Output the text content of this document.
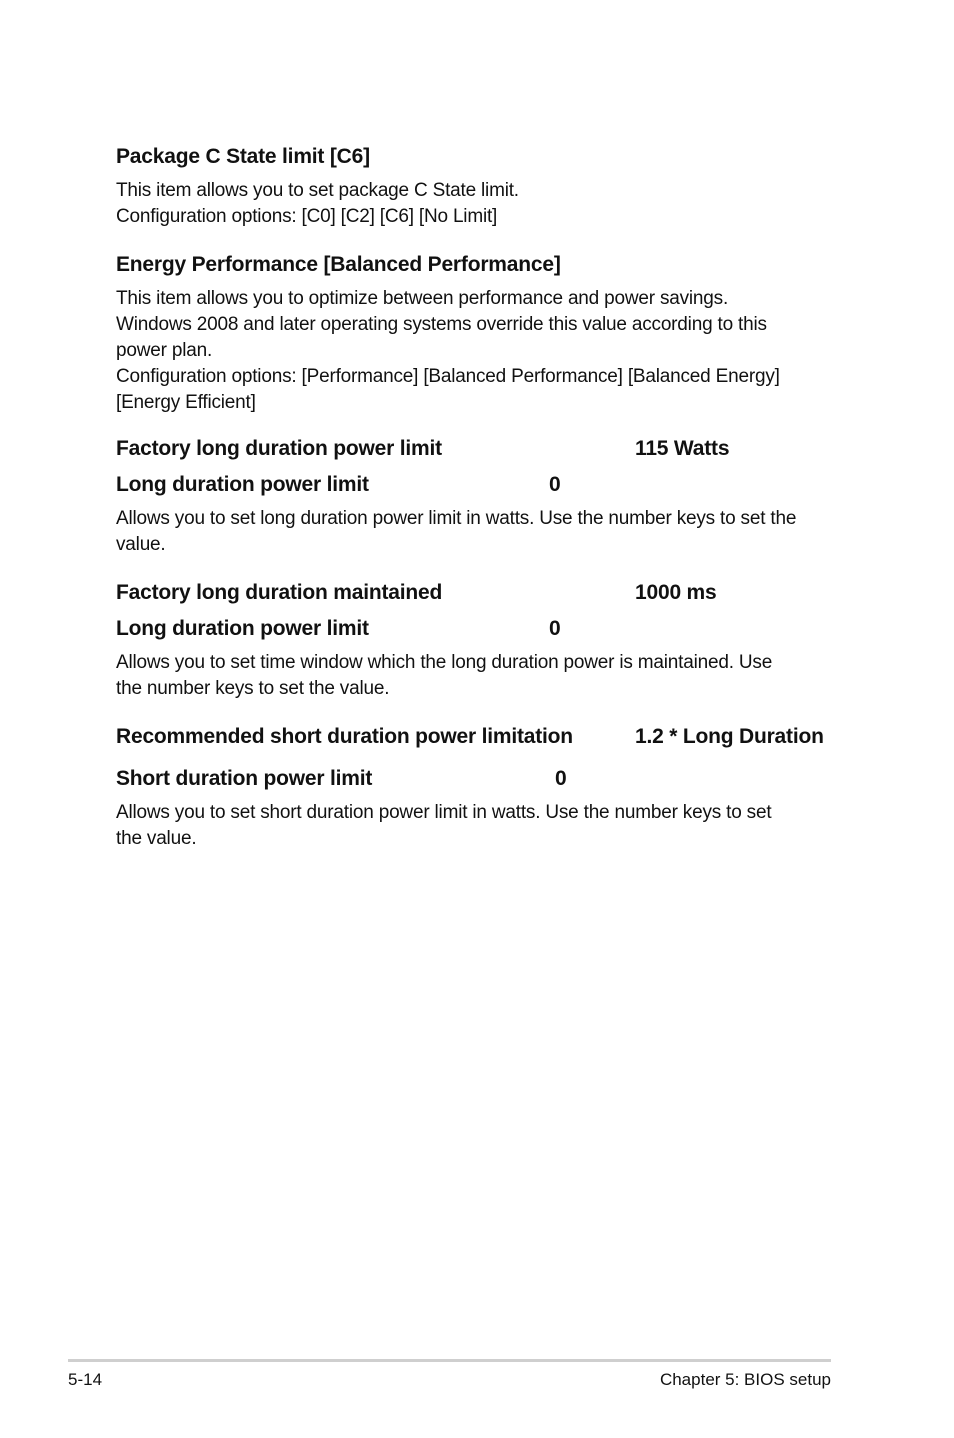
Package C State limit [C6]

This item allows you to set package C State limit.
Configuration options: [C0] [C2] [C6] [No Limit]

Energy Performance [Balanced Performance]

This item allows you to optimize between performance and power savings.
Windows 2008 and later operating systems override this value according to this
power plan.
Configuration options: [Performance] [Balanced Performance] [Balanced Energy]
[Energy Efficient]

Factory long duration power limit	115 Watts
Long duration power limit	0

Allows you to set long duration power limit in watts. Use the number keys to set the
value.

Factory long duration maintained	1000 ms
Long duration power limit	0

Allows you to set time window which the long duration power is maintained. Use
the number keys to set the value.

Recommended short duration power limitation	1.2 * Long Duration
Short duration power limit	0

Allows you to set short duration power limit in watts. Use the number keys to set
the value.

5-14	Chapter 5: BIOS setup
